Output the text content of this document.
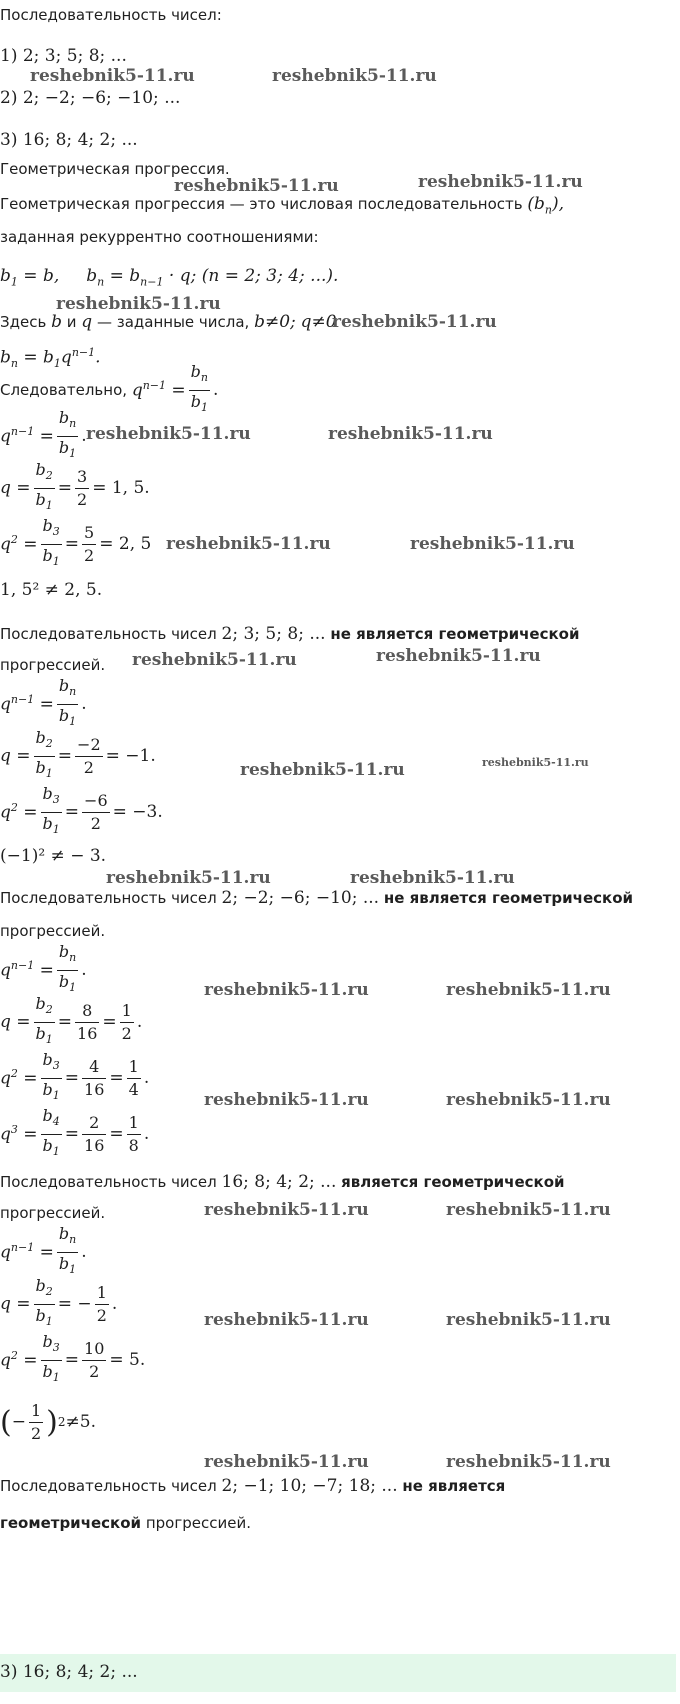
Последовательность чисел:
1) 2; 3; 5; 8; ...
2) 2; −2; −6; −10; ...
3) 16; 8; 4; 2; ...
Геометрическая прогрессия.
Геометрическая прогрессия — это числовая последовательность $(b_n)$,
заданная рекуррентно соотношениями:
$b_1 = b$,     $b_n = b_{n-1} \cdot q$; (n = 2; 3; 4; ...).
Здесь b и q — заданные числа, b≠0; q≠0
$b_n = b_1q^{n-1}$.
Следовательно,
$q^{n-1} = \frac{b_n}{b_1}$ .
$q^{n-1} = \frac{b_n}{b_1}$ .
$q = \frac{b_2}{b_1} = \frac{3}{2} = 1$, 5.
$q^2 = \frac{b_3}{b_1} = \frac{5}{2} = 2$, 5
1, 5² ≠ 2, 5.
Последовательность чисел 2; 3; 5; 8; ... не является геометрической
прогрессией.
$q^{n-1} = \frac{b_n}{b_1}$ .
$q = \frac{b_2}{b_1} = \frac{-2}{2} = -1$.
$q^2 = \frac{b_3}{b_1} = \frac{-6}{2} = -3$.
(−1)² ≠ − 3.
Последовательность чисел 2; −2; −6; −10; ... не является геометрической
прогрессией.
$q^{n-1} = \frac{b_n}{b_1}$ .
$q = \frac{b_2}{b_1} = \frac{8}{16} = \frac{1}{2}$ .
$q^2 = \frac{b_3}{b_1} = \frac{4}{16} = \frac{1}{4}$ .
$q^3 = \frac{b_4}{b_1} = \frac{2}{16} = \frac{1}{8}$ .
Последовательность чисел 16; 8; 4; 2; ... является геометрической
прогрессией.
$q^{n-1} = \frac{b_n}{b_1}$ .
$q = \frac{b_2}{b_1}$ = − $\frac{1}{2}$ .
$q^2 = \frac{b_3}{b_1} = \frac{10}{2} = 5$.
( − $\frac{1}{2}$ ) 2 ≠5.
Последовательность чисел 2; −1; 10; −7; 18; ... не является
геометрической прогрессией.
3) 16; 8; 4; 2; ...
reshebnik5-11.ru	reshebnik5-11.ru
reshebnik5-11.ru	reshebnik5-11.ru
reshebnik5-11.ru
reshebnik5-11.ru
reshebnik5-11.ru	reshebnik5-11.ru
reshebnik5-11.ru	reshebnik5-11.ru
reshebnik5-11.ru	reshebnik5-11.ru
reshebnik5-11.ru	reshebnik5-11.ru
reshebnik5-11.ru	reshebnik5-11.ru
reshebnik5-11.ru	reshebnik5-11.ru
reshebnik5-11.ru	reshebnik5-11.ru
reshebnik5-11.ru	reshebnik5-11.ru
reshebnik5-11.ru	reshebnik5-11.ru
reshebnik5-11.ru	reshebnik5-11.ru
